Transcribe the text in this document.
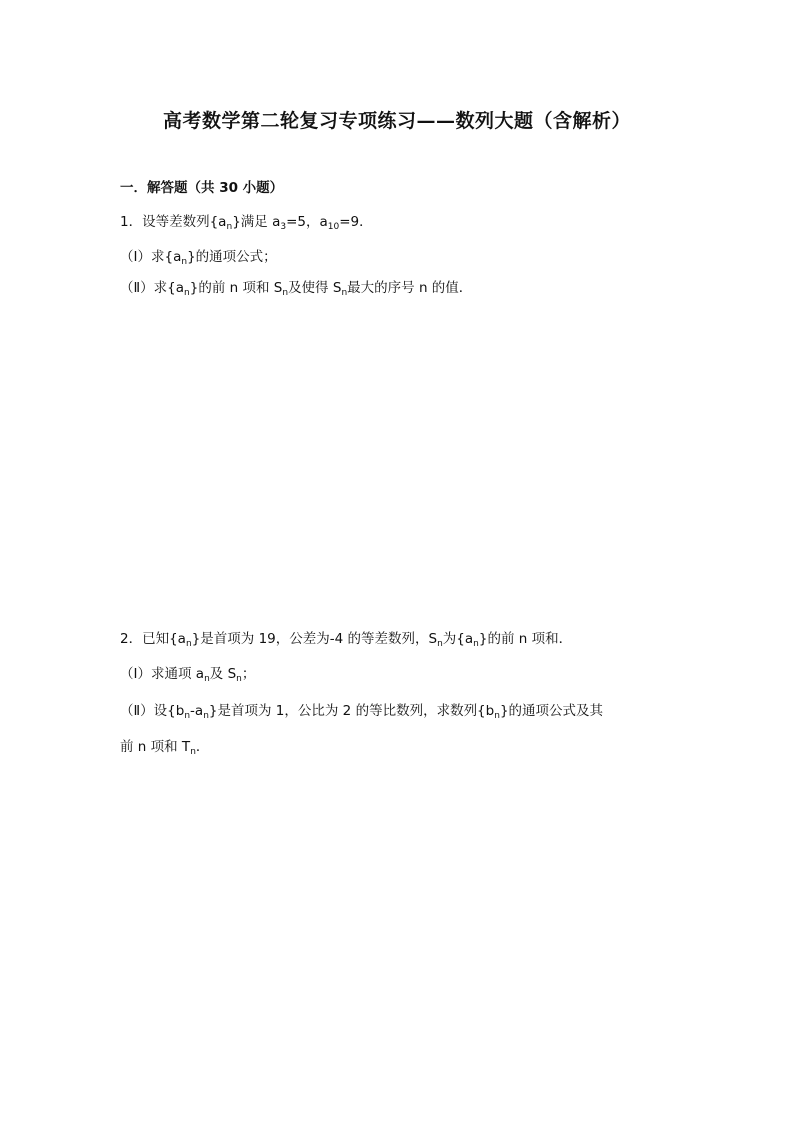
高考数学第二轮复习专项练习——数列大题（含解析）
一．解答题（共 30 小题）
1．设等差数列$\{a_n\}$满足 $a_3=5$，$a_{10}=9$．
（Ⅰ）求$\{a_n\}$的通项公式；
（Ⅱ）求$\{a_n\}$的前 n 项和 $S_n$及使得 $S_n$最大的序号 n 的值．
2．已知$\{a_n\}$是首项为 19，公差为-4 的等差数列，$S_n$为$\{a_n\}$的前 n 项和．
（Ⅰ）求通项 $a_n$及 $S_n$；
（Ⅱ）设$\{b_n-a_n\}$是首项为 1，公比为 2 的等比数列，求数列$\{b_n\}$的通项公式及其
前 n 项和 $T_n$．
